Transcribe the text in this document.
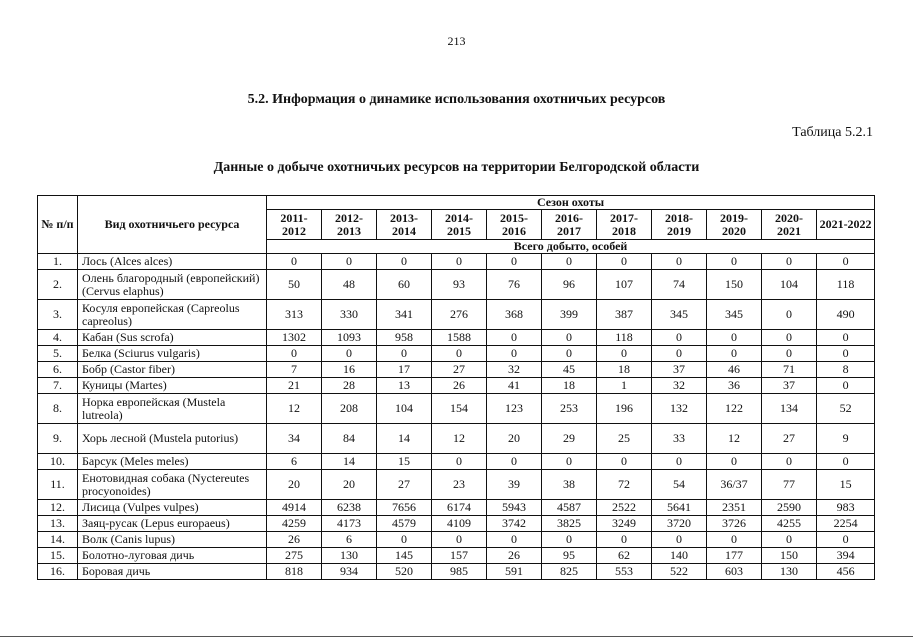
213
5.2. Информация о динамике использования охотничьих ресурсов
Таблица 5.2.1
Данные о добыче охотничьих ресурсов на территории Белгородской области
№ п/п	Вид охотничьего ресурса	Сезон охоты										
		2011-2012	2012-2013	2013-2014	2014-2015	2015-2016	2016-2017	2017-2018	2018-2019	2019-2020	2020-2021	2021-2022
		Всего добыто, особей										
1.	Лось (Alces alces)	0	0	0	0	0	0	0	0	0	0	0
2.	Олень благородный (европейский) (Cervus elaphus)	50	48	60	93	76	96	107	74	150	104	118
3.	Косуля европейская (Capreolus capreolus)	313	330	341	276	368	399	387	345	345	0	490
4.	Кабан (Sus scrofa)	1302	1093	958	1588	0	0	118	0	0	0	0
5.	Белка (Sciurus vulgaris)	0	0	0	0	0	0	0	0	0	0	0
6.	Бобр (Castor fiber)	7	16	17	27	32	45	18	37	46	71	8
7.	Куницы (Martes)	21	28	13	26	41	18	1	32	36	37	0
8.	Норка европейская (Mustela lutreola)	12	208	104	154	123	253	196	132	122	134	52
9.	Хорь лесной (Mustela putorius)	34	84	14	12	20	29	25	33	12	27	9
10.	Барсук (Meles meles)	6	14	15	0	0	0	0	0	0	0	0
11.	Енотовидная собака (Nyctereutes procyonoides)	20	20	27	23	39	38	72	54	36/37	77	15
12.	Лисица (Vulpes vulpes)	4914	6238	7656	6174	5943	4587	2522	5641	2351	2590	983
13.	Заяц-русак (Lepus europaeus)	4259	4173	4579	4109	3742	3825	3249	3720	3726	4255	2254
14.	Волк (Canis lupus)	26	6	0	0	0	0	0	0	0	0	0
15.	Болотно-луговая дичь	275	130	145	157	26	95	62	140	177	150	394
16.	Боровая дичь	818	934	520	985	591	825	553	522	603	130	456
